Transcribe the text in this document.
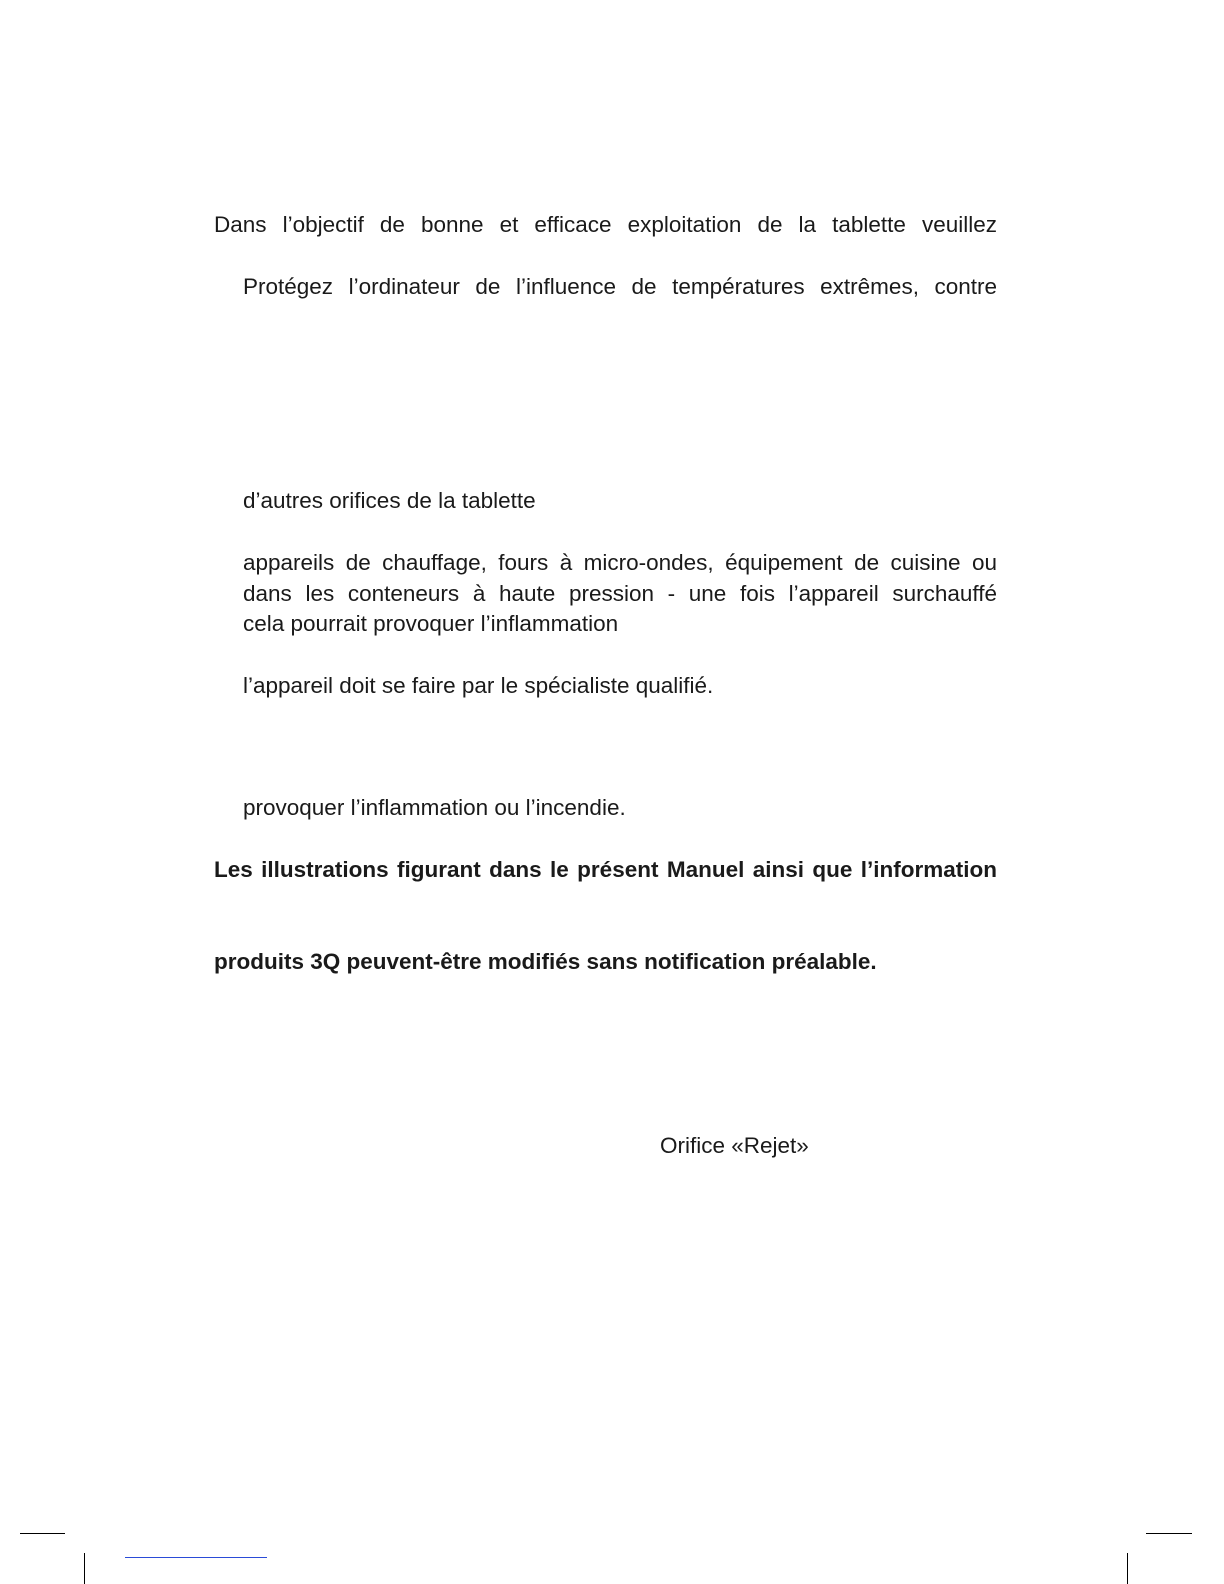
Dans l’objectif de bonne et efficace exploitation de la tablette veuillez
Protégez l’ordinateur de l’influence de températures extrêmes, contre
d’autres orifices de la tablette
appareils de chauffage, fours à micro-ondes, équipement de cuisine ou
dans les conteneurs à haute pression - une fois l’appareil surchauffé
cela pourrait provoquer l’inflammation
l’appareil doit se faire par le spécialiste qualifié.
provoquer l’inflammation ou l’incendie.
Les illustrations figurant dans le présent Manuel ainsi que l’information
produits 3Q peuvent-être modifiés sans notification préalable.
Orifice «Rejet»
